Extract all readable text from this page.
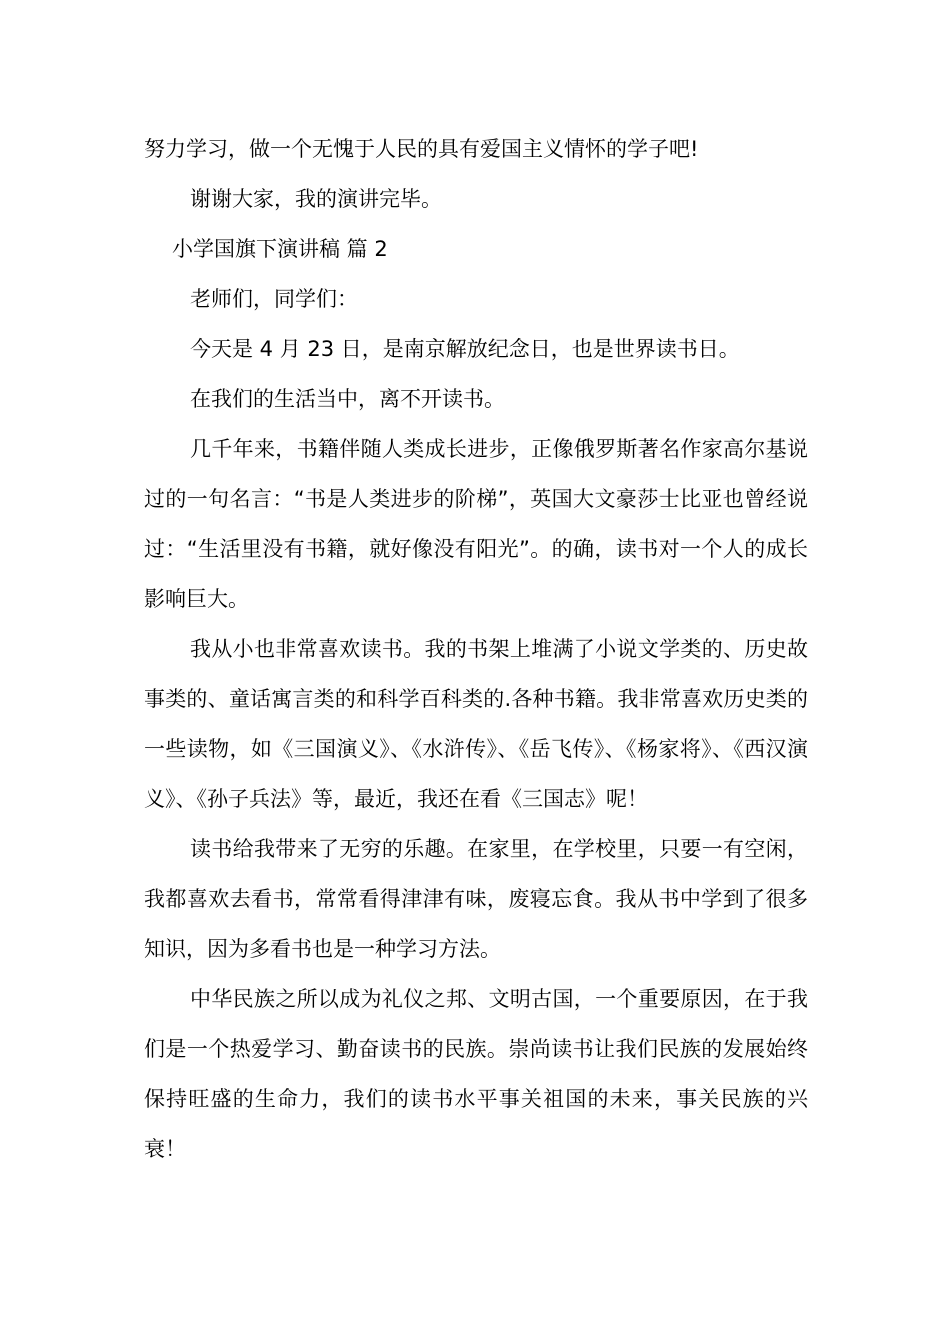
努力学习，做一个无愧于人民的具有爱国主义情怀的学子吧!

谢谢大家，我的演讲完毕。

小学国旗下演讲稿 篇 2

老师们，同学们：

今天是 4 月 23 日，是南京解放纪念日，也是世界读书日。

在我们的生活当中，离不开读书。

几千年来，书籍伴随人类成长进步，正像俄罗斯著名作家高尔基说过的一句名言：“书是人类进步的阶梯”，英国大文豪莎士比亚也曾经说过：“生活里没有书籍，就好像没有阳光”。的确，读书对一个人的成长影响巨大。

我从小也非常喜欢读书。我的书架上堆满了小说文学类的、历史故事类的、童话寓言类的和科学百科类的.各种书籍。我非常喜欢历史类的一些读物，如《三国演义》、《水浒传》、《岳飞传》、《杨家将》、《西汉演义》、《孙子兵法》等，最近，我还在看《三国志》呢！

读书给我带来了无穷的乐趣。在家里，在学校里，只要一有空闲，我都喜欢去看书，常常看得津津有味，废寝忘食。我从书中学到了很多知识，因为多看书也是一种学习方法。

中华民族之所以成为礼仪之邦、文明古国，一个重要原因，在于我们是一个热爱学习、勤奋读书的民族。崇尚读书让我们民族的发展始终保持旺盛的生命力，我们的读书水平事关祖国的未来，事关民族的兴衰！
